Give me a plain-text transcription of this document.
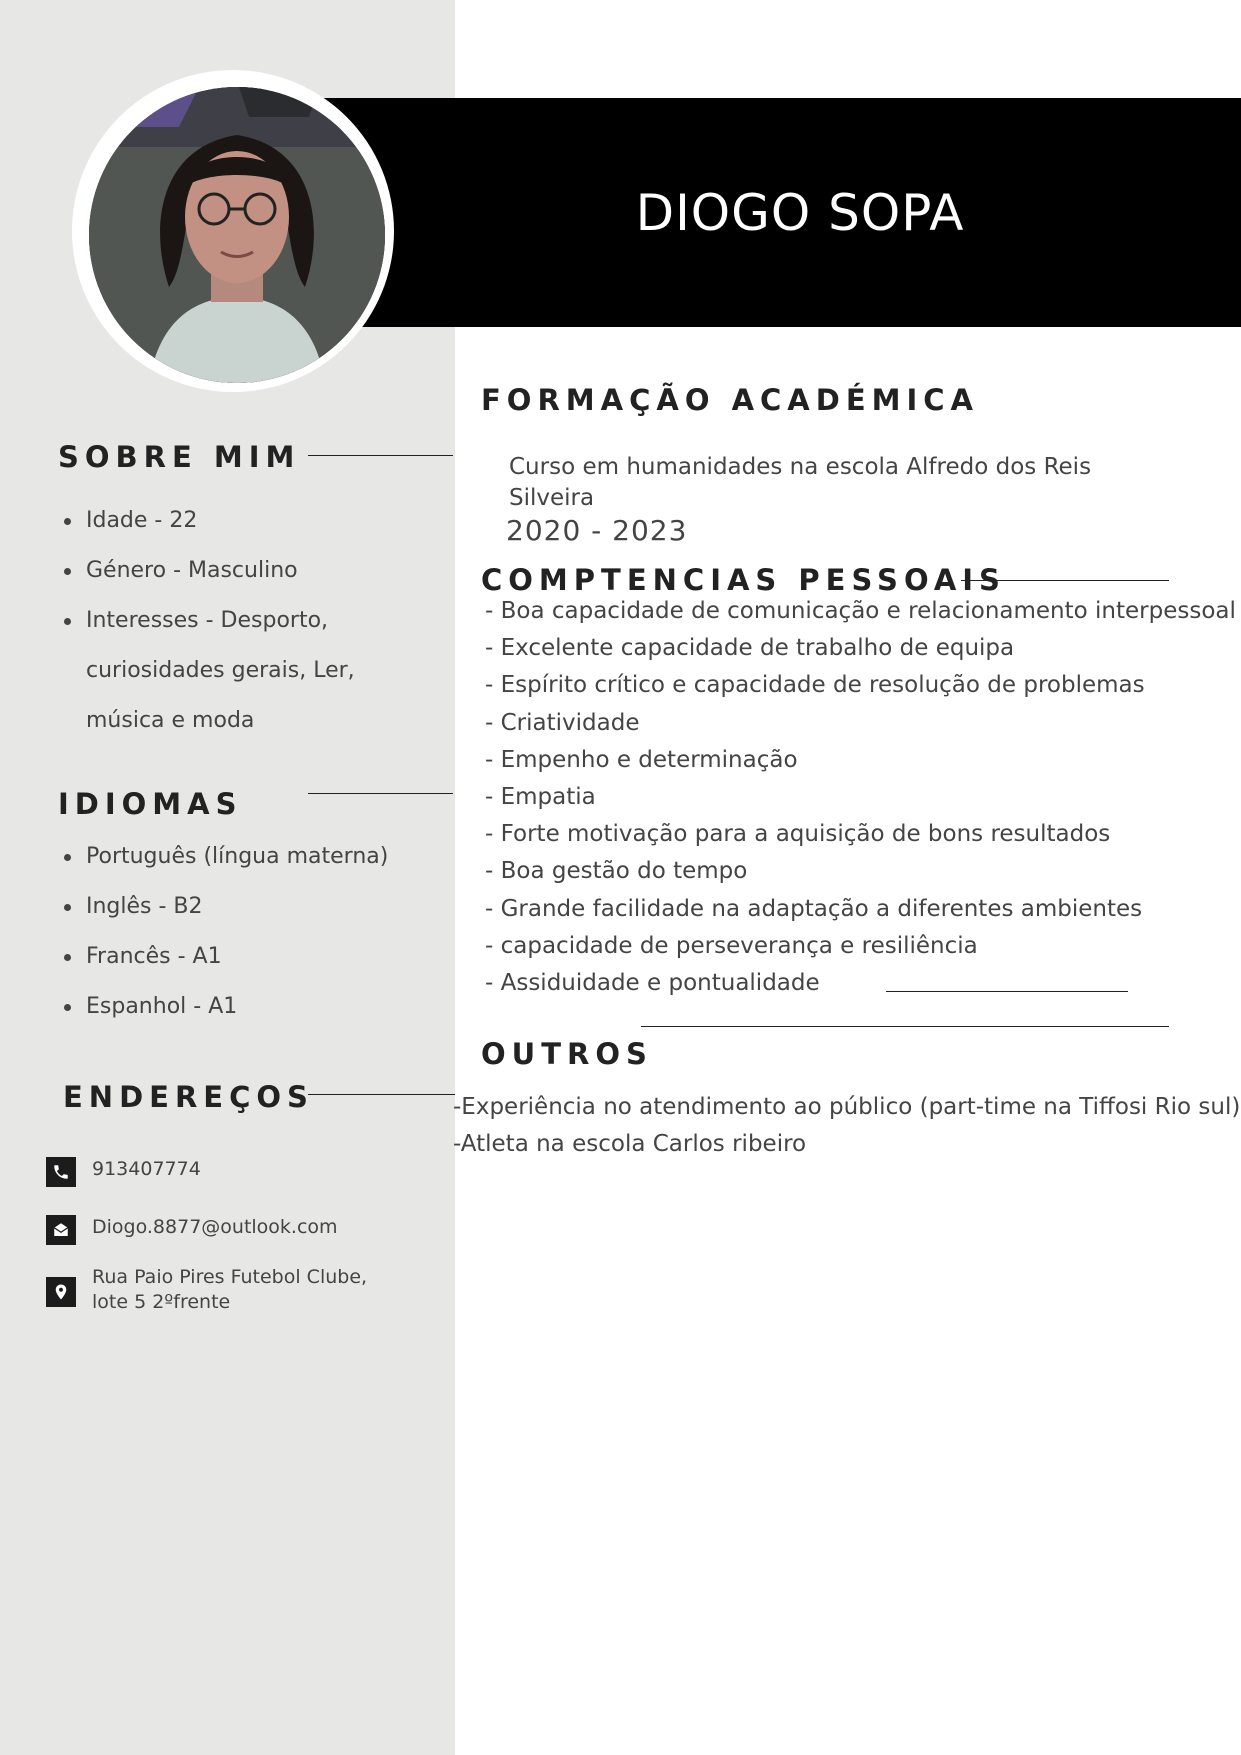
DIOGO SOPA
SOBRE MIM
Idade - 22
Género - Masculino
Interesses - Desporto,
curiosidades gerais, Ler,
música e moda
IDIOMAS
Português (língua materna)
Inglês - B2
Francês - A1
Espanhol - A1
ENDEREÇOS
913407774
Diogo.8877@outlook.com
Rua Paio Pires Futebol Clube,
lote 5 2ºfrente
FORMAÇÃO ACADÉMICA
Curso em humanidades na escola Alfredo dos Reis
Silveira
2020 - 2023
COMPTENCIAS PESSOAIS
- Boa capacidade de comunicação e relacionamento interpessoal
- Excelente capacidade de trabalho de equipa
- Espírito crítico e capacidade de resolução de problemas
- Criatividade
- Empenho e determinação
- Empatia
- Forte motivação para a aquisição de bons resultados
- Boa gestão do tempo
- Grande facilidade na adaptação a diferentes ambientes
- capacidade de perseverança e resiliência
- Assiduidade e pontualidade
OUTROS
-Experiência no atendimento ao público (part-time na Tiffosi Rio sul)
-Atleta na escola Carlos ribeiro
